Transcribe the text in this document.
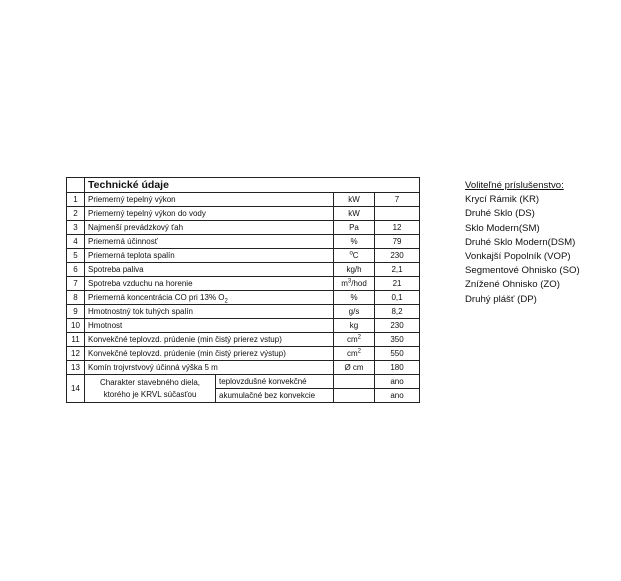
	Technické údaje			
1	Priemerný tepelný výkon		kW	7
2	Priemerný tepelný výkon do vody		kW	
3	Najmenší prevádzkový ťah		Pa	12
4	Priemerná účinnosť		%	79
5	Priemerná teplota spalín		$^o$C	230
6	Spotreba paliva		kg/h	2,1
7	Spotreba vzduchu na horenie		$m^3$/hod	21
8	Priemerná koncentrácia CO pri 13% $O_2$		%	0,1
9	Hmotnostný tok tuhých spalín		g/s	8,2
10	Hmotnost		kg	230
11	Konvekčné teplovzd. prúdenie (min čistý prierez vstup)		$cm^2$	350
12	Konvekčné teplovzd. prúdenie (min čistý prierez výstup)		$cm^2$	550
13	Komín trojvrstvový účinná výška 5 m		Ø cm	180
14	Charakter stavebného diela, ktorého je KRVL súčasťou	teplovzdušné konvekčné		ano
		akumulačné bez konvekcie		ano
Voliteľné príslušenstvo:
Krycí Rámik (KR)
Druhé Sklo (DS)
Sklo Modern(SM)
Druhé Sklo Modern(DSM)
Vonkajší Popolník (VOP)
Segmentové Ohnisko (SO)
Znížené Ohnisko (ZO)
Druhý plášť (DP)
